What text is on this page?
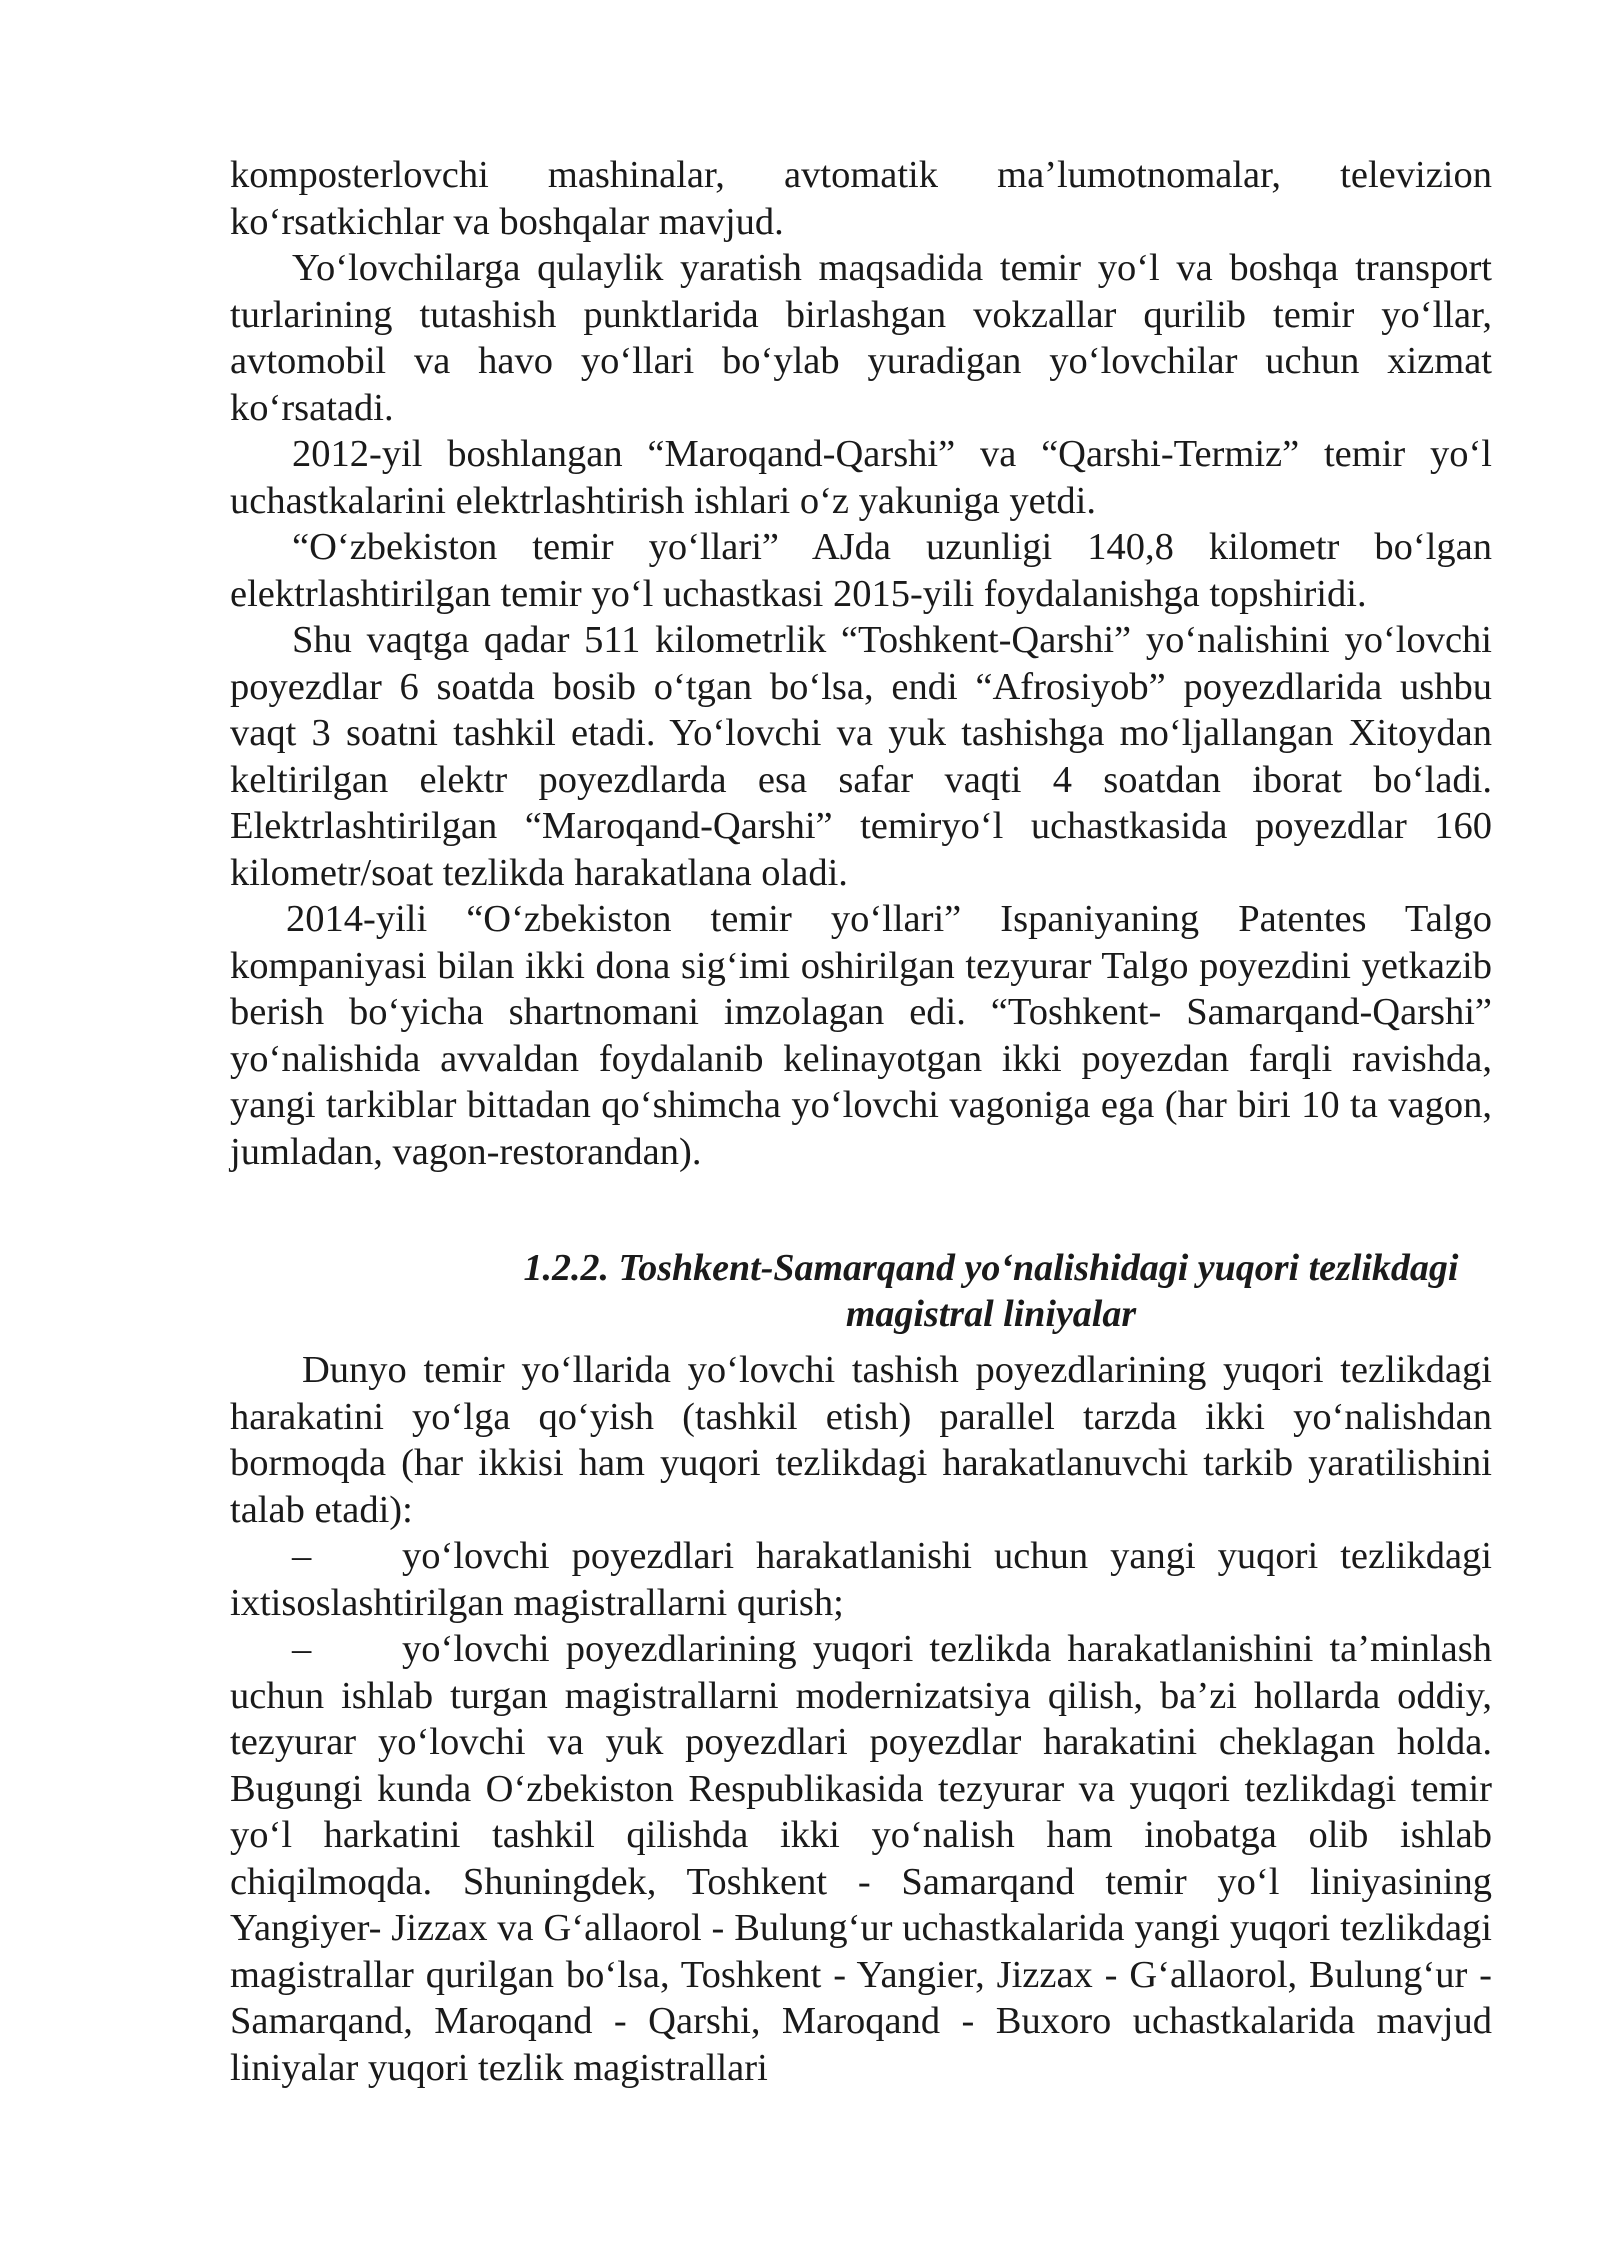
komposterlovchi mashinalar, avtomatik ma’lumotnomalar, televizion ko‘rsatkichlar va boshqalar mavjud.

Yo‘lovchilarga qulaylik yaratish maqsadida temir yo‘l va boshqa transport turlarining tutashish punktlarida birlashgan vokzallar qurilib temir yo‘llar, avtomobil va havo yo‘llari bo‘ylab yuradigan yo‘lovchilar uchun xizmat ko‘rsatadi.

2012-yil boshlangan “Maroqand-Qarshi” va “Qarshi-Termiz” temir yo‘l uchastkalarini elektrlashtirish ishlari o‘z yakuniga yetdi.

“O‘zbekiston temir yo‘llari” AJda uzunligi 140,8 kilometr bo‘lgan elektrlashtirilgan temir yo‘l uchastkasi 2015-yili foydalanishga topshiridi.

Shu vaqtga qadar 511 kilometrlik “Toshkent-Qarshi” yo‘nalishini yo‘lovchi poyezdlar 6 soatda bosib o‘tgan bo‘lsa, endi “Afrosiyob” poyezdlarida ushbu vaqt 3 soatni tashkil etadi. Yo‘lovchi va yuk tashishga mo‘ljallangan Xitoydan keltirilgan elektr poyezdlarda esa safar vaqti 4 soatdan iborat bo‘ladi. Elektrlashtirilgan “Maroqand-Qarshi” temiryo‘l uchastkasida poyezdlar 160 kilometr/soat tezlikda harakatlana oladi.

2014-yili “O‘zbekiston temir yo‘llari” Ispaniyaning Patentes Talgo kompaniyasi bilan ikki dona sig‘imi oshirilgan tezyurar Talgo poyezdini yetkazib berish bo‘yicha shartnomani imzolagan edi. “Toshkent- Samarqand-Qarshi” yo‘nalishida avvaldan foydalanib kelinayotgan ikki poyezdan farqli ravishda, yangi tarkiblar bittadan qo‘shimcha yo‘lovchi vagoniga ega (har biri 10 ta vagon, jumladan, vagon-restorandan).

1.2.2. Toshkent-Samarqand yo‘nalishidagi yuqori tezlikdagi
magistral liniyalar

Dunyo temir yo‘llarida yo‘lovchi tashish poyezdlarining yuqori tezlikdagi harakatini yo‘lga qo‘yish (tashkil etish) parallel tarzda ikki yo‘nalishdan bormoqda (har ikkisi ham yuqori tezlikdagi harakatlanuvchi tarkib yaratilishini talab etadi):

– yo‘lovchi poyezdlari harakatlanishi uchun yangi yuqori tezlikdagi ixtisoslashtirilgan magistrallarni qurish;

– yo‘lovchi poyezdlarining yuqori tezlikda harakatlanishini ta’minlash uchun ishlab turgan magistrallarni modernizatsiya qilish, ba’zi hollarda oddiy, tezyurar yo‘lovchi va yuk poyezdlari poyezdlar harakatini cheklagan holda. Bugungi kunda O‘zbekiston Respublikasida tezyurar va yuqori tezlikdagi temir yo‘l harkatini tashkil qilishda ikki yo‘nalish ham inobatga olib ishlab chiqilmoqda. Shuningdek, Toshkent - Samarqand temir yo‘l liniyasining Yangiyer- Jizzax va G‘allaorol - Bulung‘ur uchastkalarida yangi yuqori tezlikdagi magistrallar qurilgan bo‘lsa, Toshkent - Yangier, Jizzax - G‘allaorol, Bulung‘ur - Samarqand, Maroqand - Qarshi, Maroqand - Buxoro uchastkalarida mavjud liniyalar yuqori tezlik magistrallari
